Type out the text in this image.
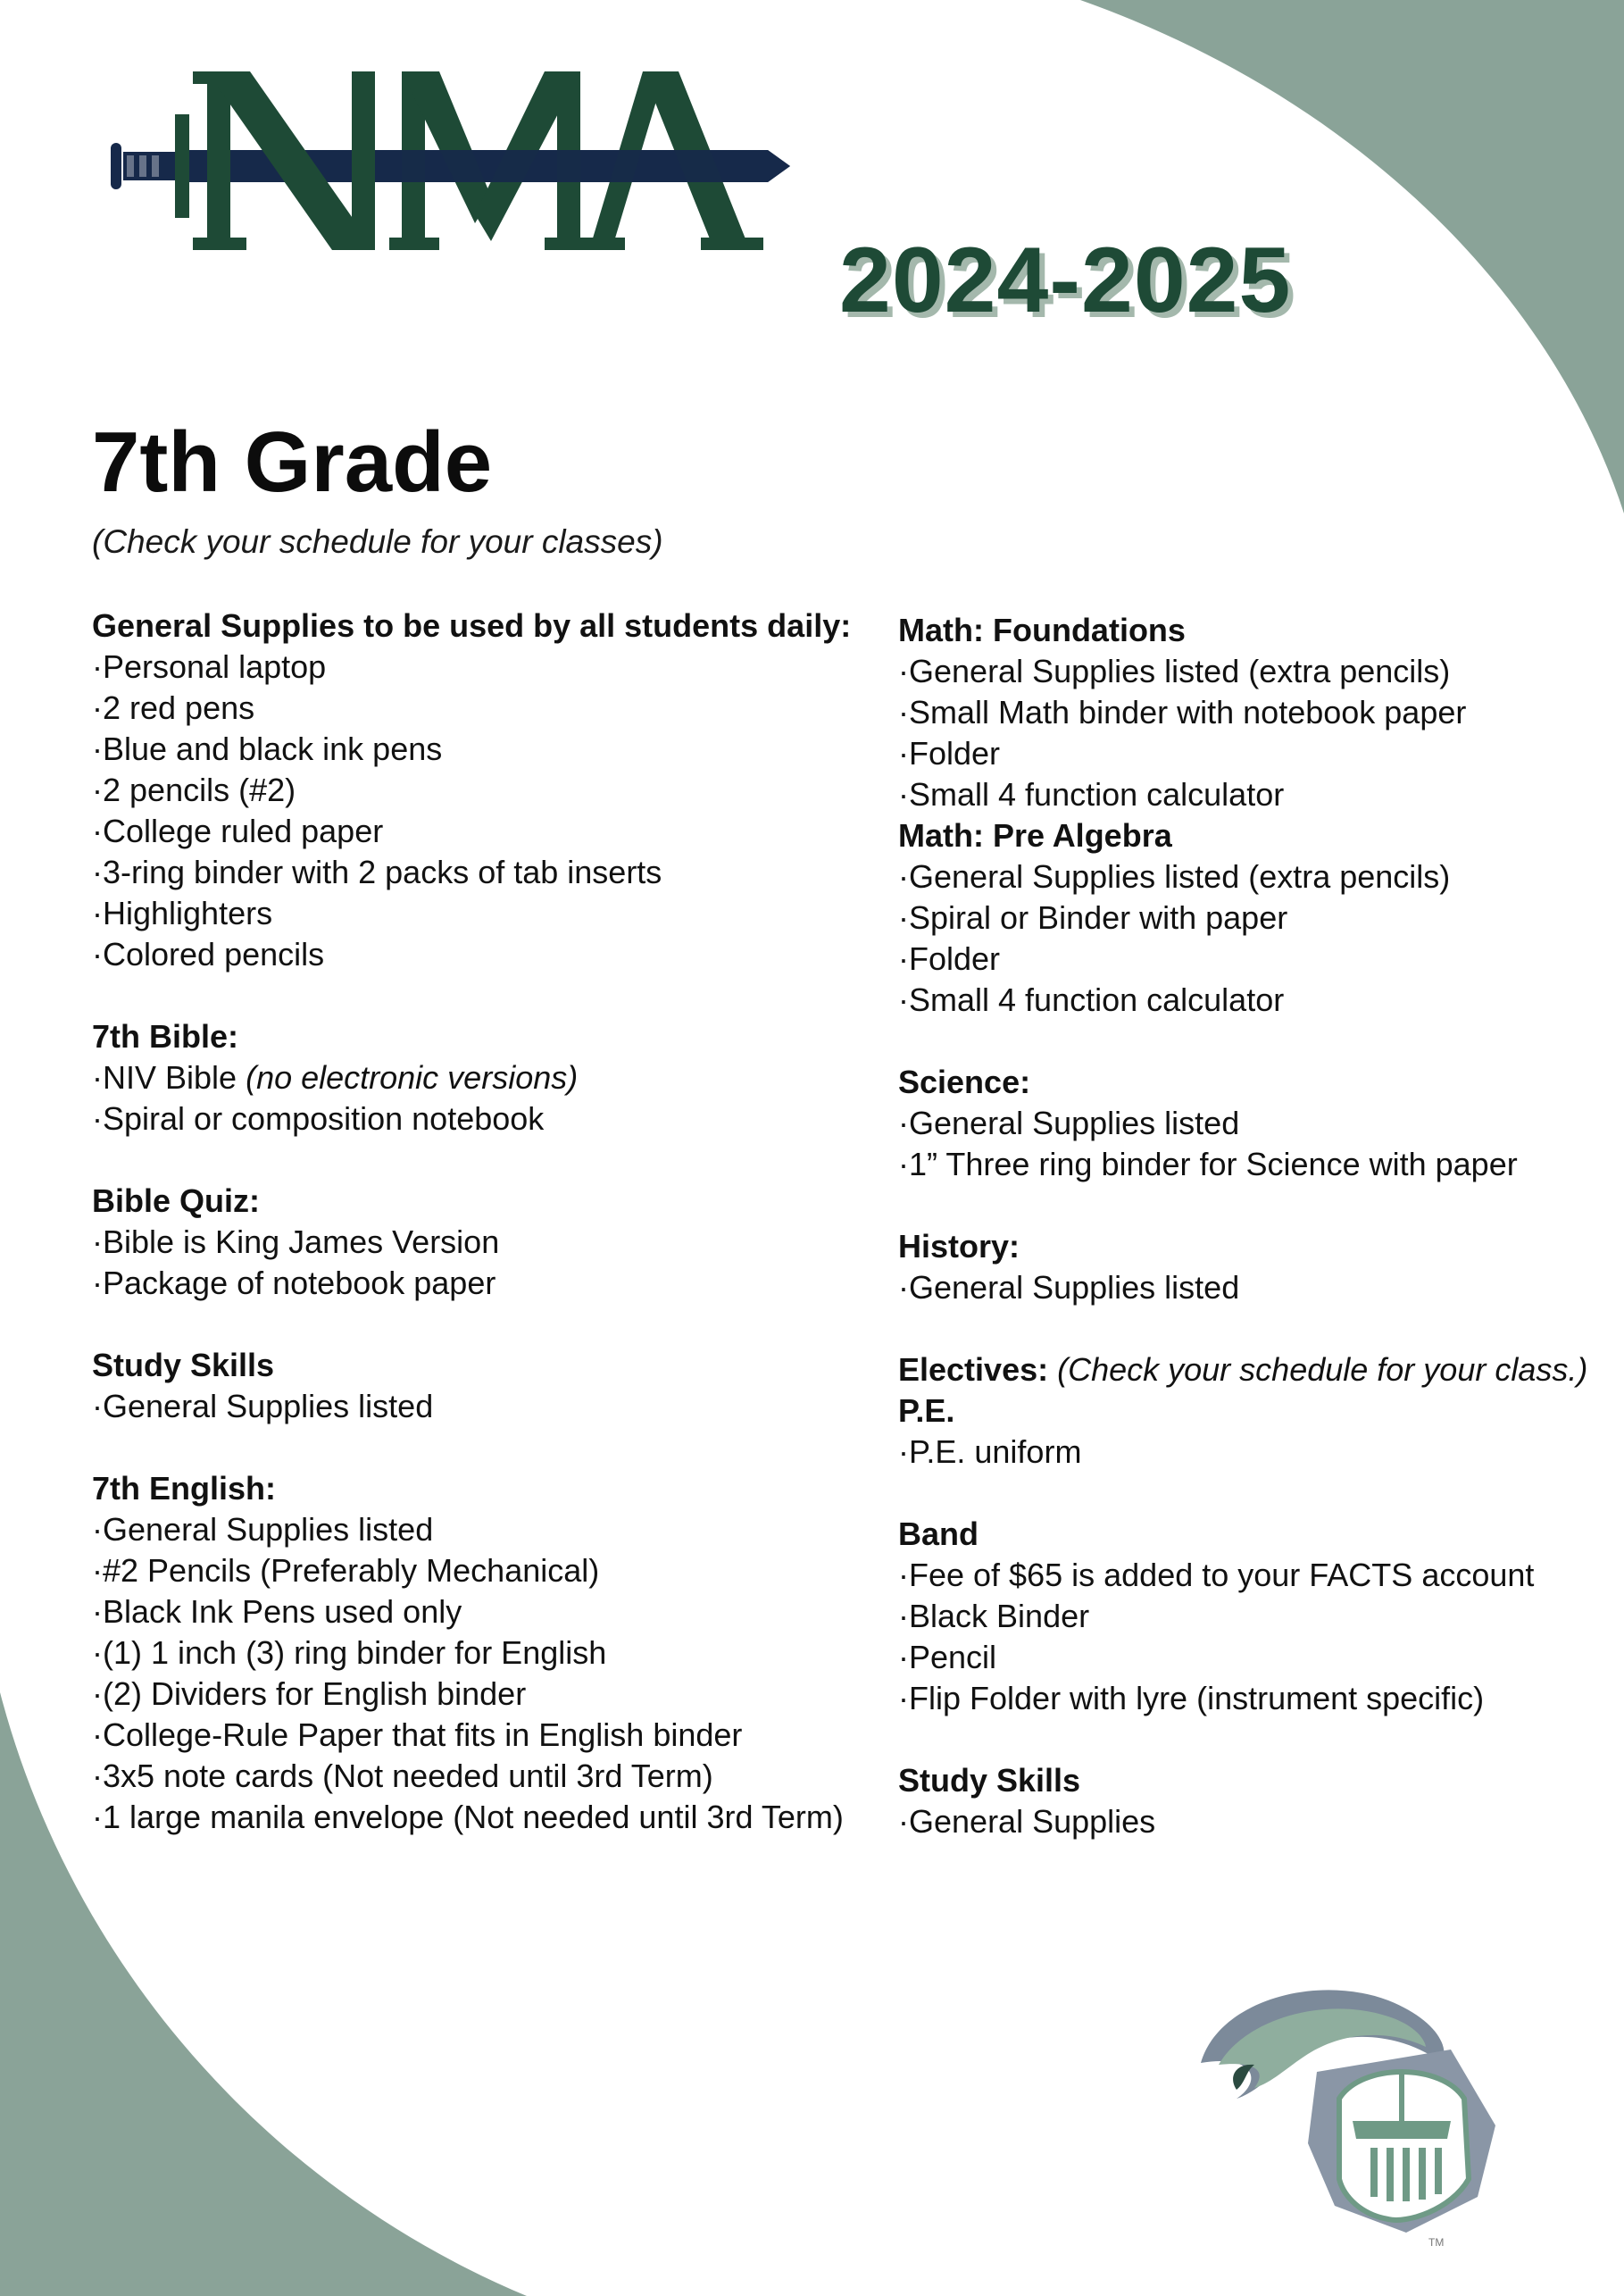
2024-2025
7th Grade

(Check your schedule for your classes)

General Supplies to be used by all students daily:

· Personal laptop

· 2 red pens

· Blue and black ink pens

· 2 pencils (#2)

· College ruled paper

· 3-ring binder with 2 packs of tab inserts

· Highlighters

· Colored pencils

7th Bible:

· NIV Bible (no electronic versions)

· Spiral or composition notebook

Bible Quiz:

· Bible is King James Version

· Package of notebook paper

Study Skills

· General Supplies listed

7th English:

· General Supplies listed

· #2 Pencils (Preferably Mechanical)

· Black Ink Pens used only

· (1) 1 inch (3) ring binder for English

· (2) Dividers for English binder

· College-Rule Paper that fits in English binder

· 3x5 note cards (Not needed until 3rd Term)

· 1 large manila envelope (Not needed until 3rd Term)

Math: Foundations

· General Supplies listed (extra pencils)

· Small Math binder with notebook paper

· Folder

· Small 4 function calculator

Math: Pre Algebra

· General Supplies listed (extra pencils)

· Spiral or Binder with paper

· Folder

· Small 4 function calculator

Science:

· General Supplies listed

· 1” Three ring binder for Science with paper

History:

· General Supplies listed

Electives: (Check your schedule for your class.)

P.E.

· P.E. uniform

Band

· Fee of $65 is added to your FACTS account

· Black Binder

· Pencil

· Flip Folder with lyre (instrument specific)

Study Skills

· General Supplies

TM
